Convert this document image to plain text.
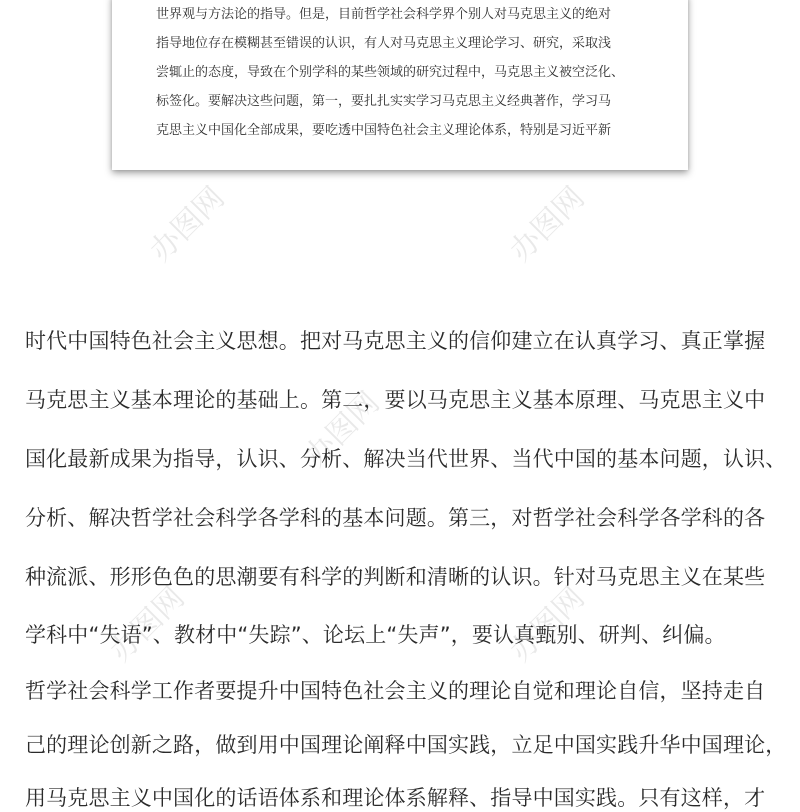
世界观与方法论的指导。但是，目前哲学社会科学界个别人对马克思主义的绝对
指导地位存在模糊甚至错误的认识，有人对马克思主义理论学习、研究，采取浅
尝辄止的态度，导致在个别学科的某些领域的研究过程中，马克思主义被空泛化、
标签化。要解决这些问题，第一，要扎扎实实学习马克思主义经典著作，学习马
克思主义中国化全部成果，要吃透中国特色社会主义理论体系，特别是习近平新
办图网	办图网
办图网
办图网	办图网
时代中国特色社会主义思想。把对马克思主义的信仰建立在认真学习、真正掌握
马克思主义基本理论的基础上。第二，要以马克思主义基本原理、马克思主义中
国化最新成果为指导，认识、分析、解决当代世界、当代中国的基本问题，认识、
分析、解决哲学社会科学各学科的基本问题。第三，对哲学社会科学各学科的各
种流派、形形色色的思潮要有科学的判断和清晰的认识。针对马克思主义在某些
学科中“失语”、教材中“失踪”、论坛上“失声”，要认真甄别、研判、纠偏。
哲学社会科学工作者要提升中国特色社会主义的理论自觉和理论自信，坚持走自
己的理论创新之路，做到用中国理论阐释中国实践，立足中国实践升华中国理论，
用马克思主义中国化的话语体系和理论体系解释、指导中国实践。只有这样，才
